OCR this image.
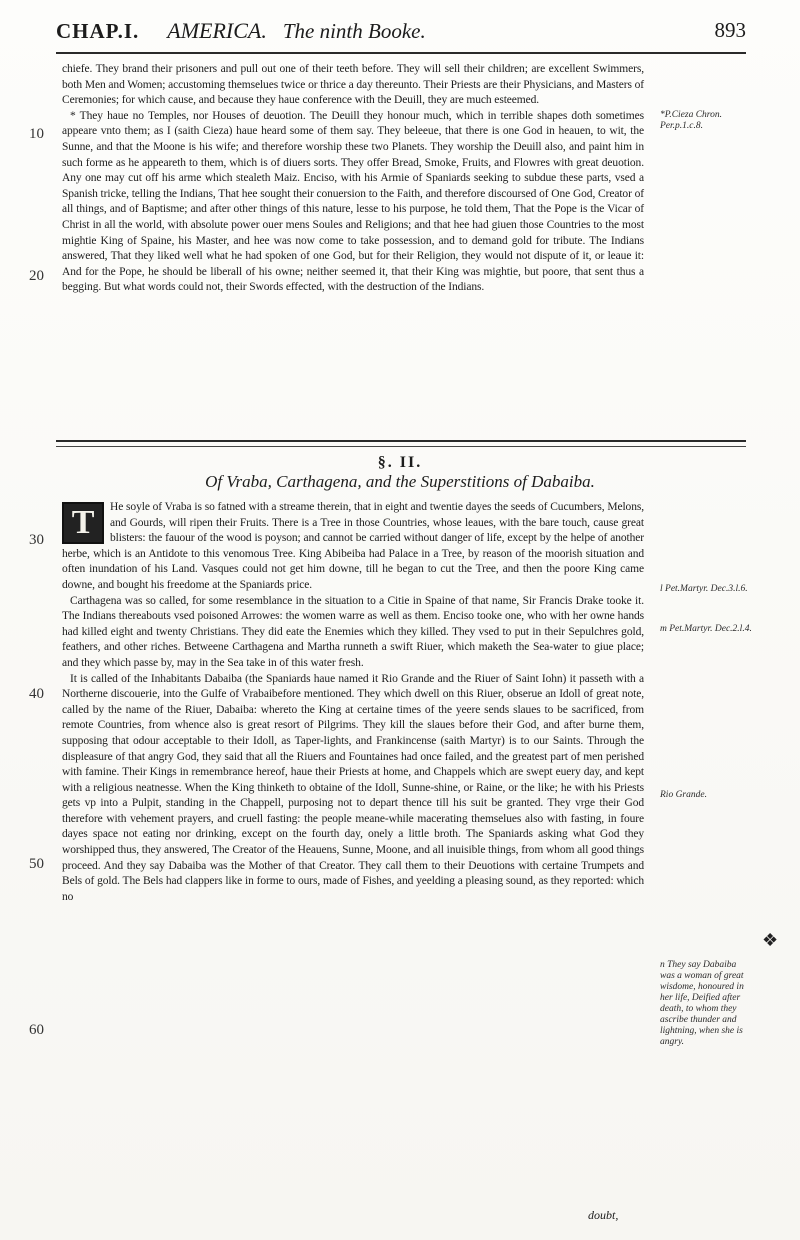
CHAP.I. AMERICA. The ninth Booke.	893

chiefe. They brand their prisoners and pull out one of their teeth before. They will sell their children; are excellent Swimmers, both Men and Women; accustoming themselues twice or thrice a day thereunto. Their Priests are their Physicians, and Masters of Ceremonies; for which cause, and because they haue conference with the Deuill, they are much esteemed.

* They haue no Temples, nor Houses of deuotion. The Deuill they honour much, which in terrible shapes doth sometimes appeare vnto them; as I (saith Cieza) haue heard some of them say. They beleeue, that there is one God in heauen, to wit, the Sunne, and that the Moone is his wife; and therefore worship these two Planets. They worship the Deuill also, and paint him in such forme as he appeareth to them, which is of diuers sorts. They offer Bread, Smoke, Fruits, and Flowres with great deuotion. Any one may cut off his arme which stealeth Maiz. Enciso, with his Armie of Spaniards seeking to subdue these parts, vsed a Spanish tricke, telling the Indians, That hee sought their conuersion to the Faith, and therefore discoursed of One God, Creator of all things, and of Baptisme; and after other things of this nature, lesse to his purpose, he told them, That the Pope is the Vicar of Christ in all the world, with absolute power ouer mens Soules and Religions; and that hee had giuen those Countries to the most mightie King of Spaine, his Master, and hee was now come to take possession, and to demand gold for tribute. The Indians answered, That they liked well what he had spoken of one God, but for their Religion, they would not dispute of it, or leaue it: And for the Pope, he should be liberall of his owne; neither seemed it, that their King was mightie, but poore, that sent thus a begging. But what words could not, their Swords effected, with the destruction of the Indians.

§. II.
Of Vraba, Carthagena, and the Superstitions of Dabaiba.
T	He soyle of Vraba is so fatned with a streame therein, that in eight and twentie dayes the seeds of Cucumbers, Melons, and Gourds, will ripen their Fruits. There is a Tree in those Countries, whose leaues, with the bare touch, cause great blisters: the fauour of the wood is poyson; and cannot be carried without danger of life, except by the helpe of another herbe, which is an Antidote to this venomous Tree. King Abibeiba had Palace in a Tree, by reason of the moorish situation and often inundation of his Land. Vasques could not get him downe, till he began to cut the Tree, and then the poore King came downe, and bought his freedome at the Spaniards price.

Carthagena was so called, for some resemblance in the situation to a Citie in Spaine of that name, Sir Francis Drake tooke it. The Indians thereabouts vsed poisoned Arrowes: the women warre as well as them. Enciso tooke one, who with her owne hands had killed eight and twenty Christians. They did eate the Enemies which they killed. They vsed to put in their Sepulchres gold, feathers, and other riches. Betweene Carthagena and Martha runneth a swift Riuer, which maketh the Sea-water to giue place; and they which passe by, may in the Sea take in of this water fresh.

It is called of the Inhabitants Dabaiba (the Spaniards haue named it Rio Grande and the Riuer of Saint Iohn) it passeth with a Northerne discouerie, into the Gulfe of Vrabaibefore mentioned. They which dwell on this Riuer, obserue an Idoll of great note, called by the name of the Riuer, Dabaiba: whereto the King at certaine times of the yeere sends slaues to be sacrificed, from remote Countries, from whence also is great resort of Pilgrims. They kill the slaues before their God, and after burne them, supposing that odour acceptable to their Idoll, as Taper-lights, and Frankincense (saith Martyr) is to our Saints. Through the displeasure of that angry God, they said that all the Riuers and Fountaines had once failed, and the greatest part of men perished with famine. Their Kings in remembrance hereof, haue their Priests at home, and Chappels which are swept euery day, and kept with a religious neatnesse. When the King thinketh to obtaine of the Idoll, Sunne-shine, or Raine, or the like; he with his Priests gets vp into a Pulpit, standing in the Chappell, purposing not to depart thence till his suit be granted. They vrge their God therefore with vehement prayers, and cruell fasting: the people meane-while macerating themselues also with fasting, in foure dayes space not eating nor drinking, except on the fourth day, onely a little broth. The Spaniards asking what God they worshipped thus, they answered, The Creator of the Heauens, Sunne, Moone, and all inuisible things, from whom all good things proceed. And they say Dabaiba was the Mother of that Creator. They call them to their Deuotions with certaine Trumpets and Bels of gold. The Bels had clappers like in forme to ours, made of Fishes, and yeelding a pleasing sound, as they reported: which no

10
20
30
40
50
60
*P.Cieza Chron. Per.p.1.c.8.
l Pet.Martyr. Dec.3.l.6.
m Pet.Martyr. Dec.2.l.4.
Rio Grande.
n They say Dabaiba was a woman of great wisdome, honoured in her life, Deified after death, to whom they ascribe thunder and lightning, when she is angry.
❖
doubt,
